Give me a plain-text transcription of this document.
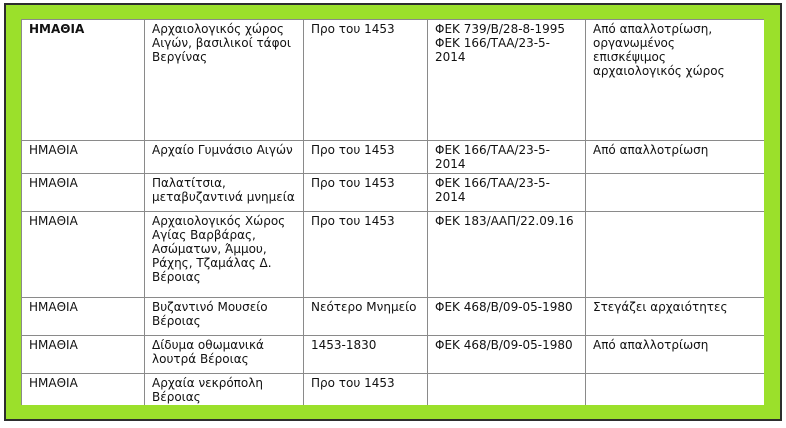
ΗΜΑΘΙΑ	Αρχαιολογικός χώρος
Αιγών, βασιλικοί τάφοι
Βεργίνας	Προ του 1453	ΦΕΚ 739/Β/28-8-1995
ΦΕΚ 166/ΤΑΑ/23-5-2014	Από απαλλοτρίωση,
οργανωμένος
επισκέψιμος
αρχαιολογικός χώρος
ΗΜΑΘΙΑ	Αρχαίο Γυμνάσιο Αιγών	Προ του 1453	ΦΕΚ 166/ΤΑΑ/23-5-2014	Από απαλλοτρίωση
ΗΜΑΘΙΑ	Παλατίτσια,
μεταβυζαντινά μνημεία	Προ του 1453	ΦΕΚ 166/ΤΑΑ/23-5-2014	
ΗΜΑΘΙΑ	Αρχαιολογικός Χώρος
Αγίας Βαρβάρας,
Ασώματων, Άμμου,
Ράχης, Τζαμάλας Δ.
Βέροιας	Προ του 1453	ΦΕΚ 183/ΑΑΠ/22.09.16	
ΗΜΑΘΙΑ	Βυζαντινό Μουσείο
Βέροιας	Νεότερο Μνημείο	ΦΕΚ 468/Β/09-05-1980	Στεγάζει αρχαιότητες
ΗΜΑΘΙΑ	Δίδυμα οθωμανικά
λουτρά Βέροιας	1453-1830	ΦΕΚ 468/Β/09-05-1980	Από απαλλοτρίωση
ΗΜΑΘΙΑ	Αρχαία νεκρόπολη
Βέροιας	Προ του 1453		
